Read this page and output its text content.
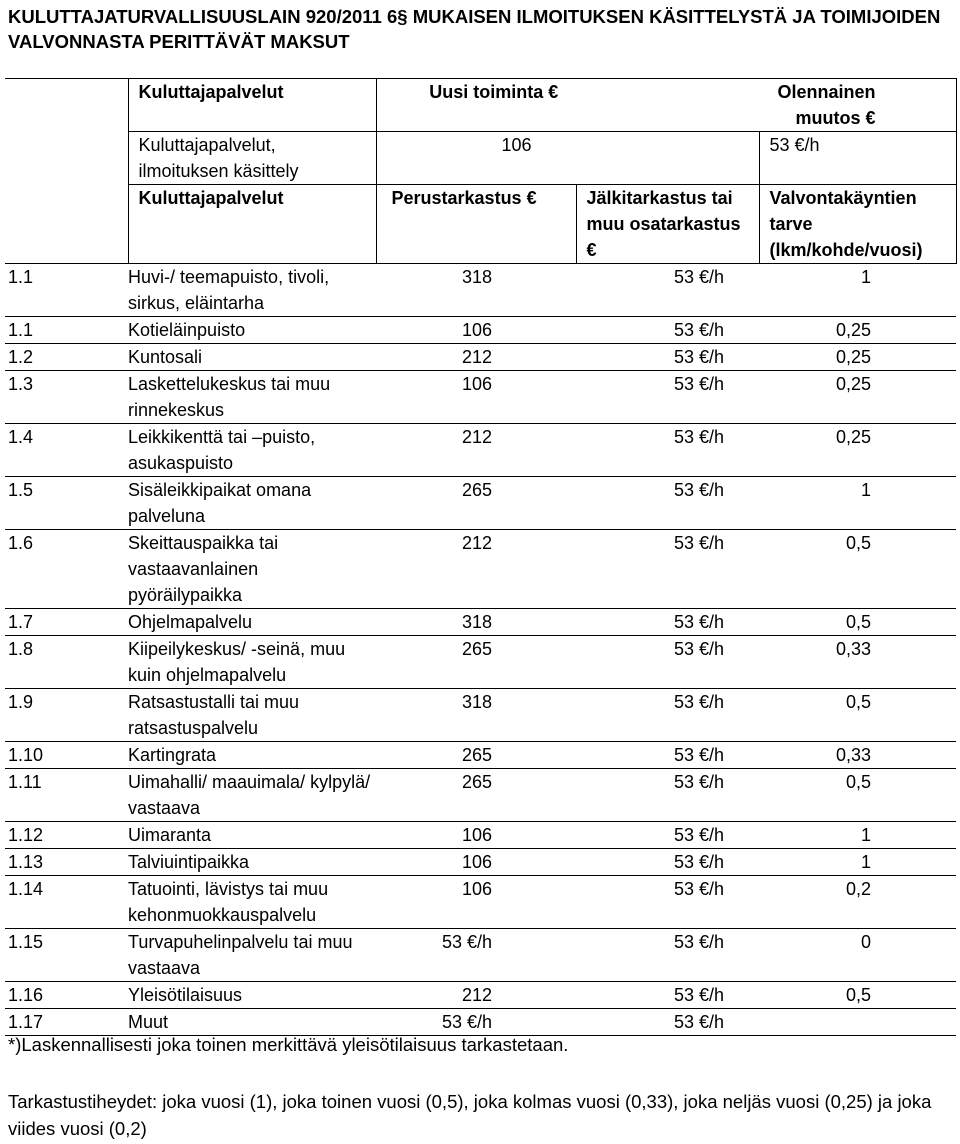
KULUTTAJATURVALLISUUSLAIN 920/2011 6§ MUKAISEN ILMOITUKSEN KÄSITTELYSTÄ JA TOIMIJOIDEN VALVONNASTA PERITTÄVÄT MAKSUT
	Kuluttajapalvelut	Uusi toiminta €		Olennainen muutos €
	Kuluttajapalvelut, ilmoituksen käsittely	106		53 €/h
	Kuluttajapalvelut	Perustarkastus €	Jälkitarkastus tai muu osatarkastus €	Valvontakäyntien tarve (lkm/kohde/vuosi)
1.1	Huvi-/ teemapuisto, tivoli, sirkus, eläintarha	318	53 €/h	1
1.1	Kotieläinpuisto	106	53 €/h	0,25
1.2	Kuntosali	212	53 €/h	0,25
1.3	Laskettelukeskus tai muu rinnekeskus	106	53 €/h	0,25
1.4	Leikkikenttä tai –puisto, asukaspuisto	212	53 €/h	0,25
1.5	Sisäleikkipaikat omana palveluna	265	53 €/h	1
1.6	Skeittauspaikka tai vastaavanlainen pyöräilypaikka	212	53 €/h	0,5
1.7	Ohjelmapalvelu	318	53 €/h	0,5
1.8	Kiipeilykeskus/ -seinä, muu kuin ohjelmapalvelu	265	53 €/h	0,33
1.9	Ratsastustalli tai muu ratsastuspalvelu	318	53 €/h	0,5
1.10	Kartingrata	265	53 €/h	0,33
1.11	Uimahalli/ maauimala/ kylpylä/ vastaava	265	53 €/h	0,5
1.12	Uimaranta	106	53 €/h	1
1.13	Talviuintipaikka	106	53 €/h	1
1.14	Tatuointi, lävistys tai muu kehonmuokkauspalvelu	106	53 €/h	0,2
1.15	Turvapuhelinpalvelu tai muu vastaava	53 €/h	53 €/h	0
1.16	Yleisötilaisuus	212	53 €/h	0,5
1.17	Muut	53 €/h	53 €/h	
*)Laskennallisesti joka toinen merkittävä yleisötilaisuus tarkastetaan.
Tarkastustiheydet: joka vuosi (1), joka toinen vuosi (0,5), joka kolmas vuosi (0,33), joka neljäs vuosi (0,25) ja joka viides vuosi (0,2)
